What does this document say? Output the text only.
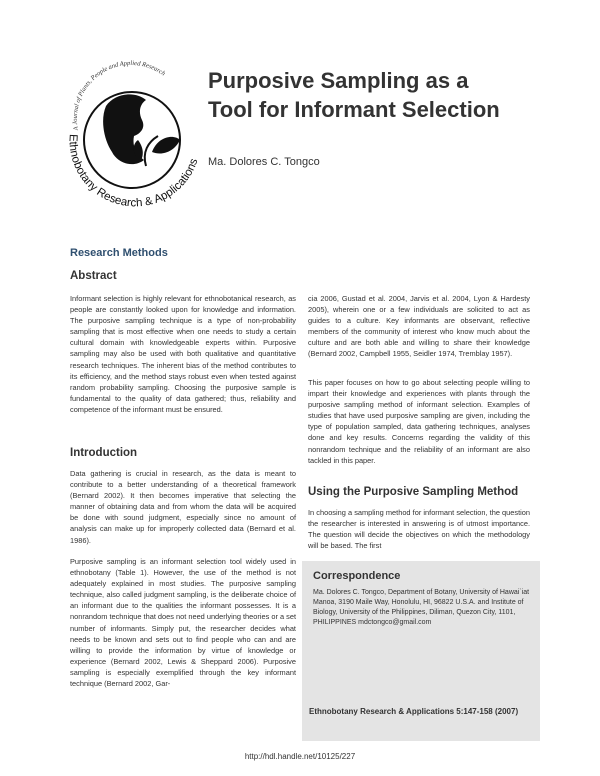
A Journal of Plants, People and Applied Research
Ethnobotany Research & Applications
Purposive Sampling as a
Tool for Informant Selection
Ma. Dolores C. Tongco
Research Methods
Abstract

Informant selection is highly relevant for ethnobotanical research, as people are constantly looked upon for knowledge and information. The purposive sampling technique is a type of non-probability sampling that is most effective when one needs to study a certain cultural domain with knowledgeable experts within. Purposive sampling may also be used with both qualitative and quantitative research techniques. The inherent bias of the method contributes to its efficiency, and the method stays robust even when tested against random probability sampling. Choosing the purposive sample is fundamental to the quality of data gathered; thus, reliability and competence of the informant must be ensured.

Introduction

Data gathering is crucial in research, as the data is meant to contribute to a better understanding of a theoretical framework (Bernard 2002). It then becomes imperative that selecting the manner of obtaining data and from whom the data will be acquired be done with sound judgment, especially since no amount of analysis can make up for improperly collected data (Bernard et al. 1986).

Purposive sampling is an informant selection tool widely used in ethnobotany (Table 1). However, the use of the method is not adequately explained in most studies. The purposive sampling technique, also called judgment sampling, is the deliberate choice of an informant due to the qualities the informant possesses. It is a nonrandom technique that does not need underlying theories or a set number of informants. Simply put, the researcher decides what needs to be known and sets out to find people who can and are willing to provide the information by virtue of knowledge or experience (Bernard 2002, Lewis & Sheppard 2006). Purposive sampling is especially exemplified through the key informant technique (Bernard 2002, Gar-

cia 2006, Gustad et al. 2004, Jarvis et al. 2004, Lyon & Hardesty 2005), wherein one or a few individuals are solicited to act as guides to a culture. Key informants are observant, reflective members of the community of interest who know much about the culture and are both able and willing to share their knowledge (Bernard 2002, Campbell 1955, Seidler 1974, Tremblay 1957).

This paper focuses on how to go about selecting people willing to impart their knowledge and experiences with plants through the purposive sampling method of informant selection. Examples of studies that have used purposive sampling are given, including the type of population sampled, data gathering techniques, analyses done and key results. Concerns regarding the validity of this nonrandom technique and the reliability of an informant are also tackled in this paper.

Using the Purposive Sampling Method

In choosing a sampling method for informant selection, the question the researcher is interested in answering is of utmost importance. The question will decide the objectives on which the methodology will be based. The first

Correspondence

Ma. Dolores C. Tongco, Department of Botany, University of Hawai`iat Manoa, 3190 Maile Way, Honolulu, HI, 96822 U.S.A. and Institute of Biology, University of the Philippines, Diliman, Quezon City, 1101, PHILIPPINES mdctongco@gmail.com

Ethnobotany Research & Applications 5:147-158 (2007)
http://hdl.handle.net/10125/227
